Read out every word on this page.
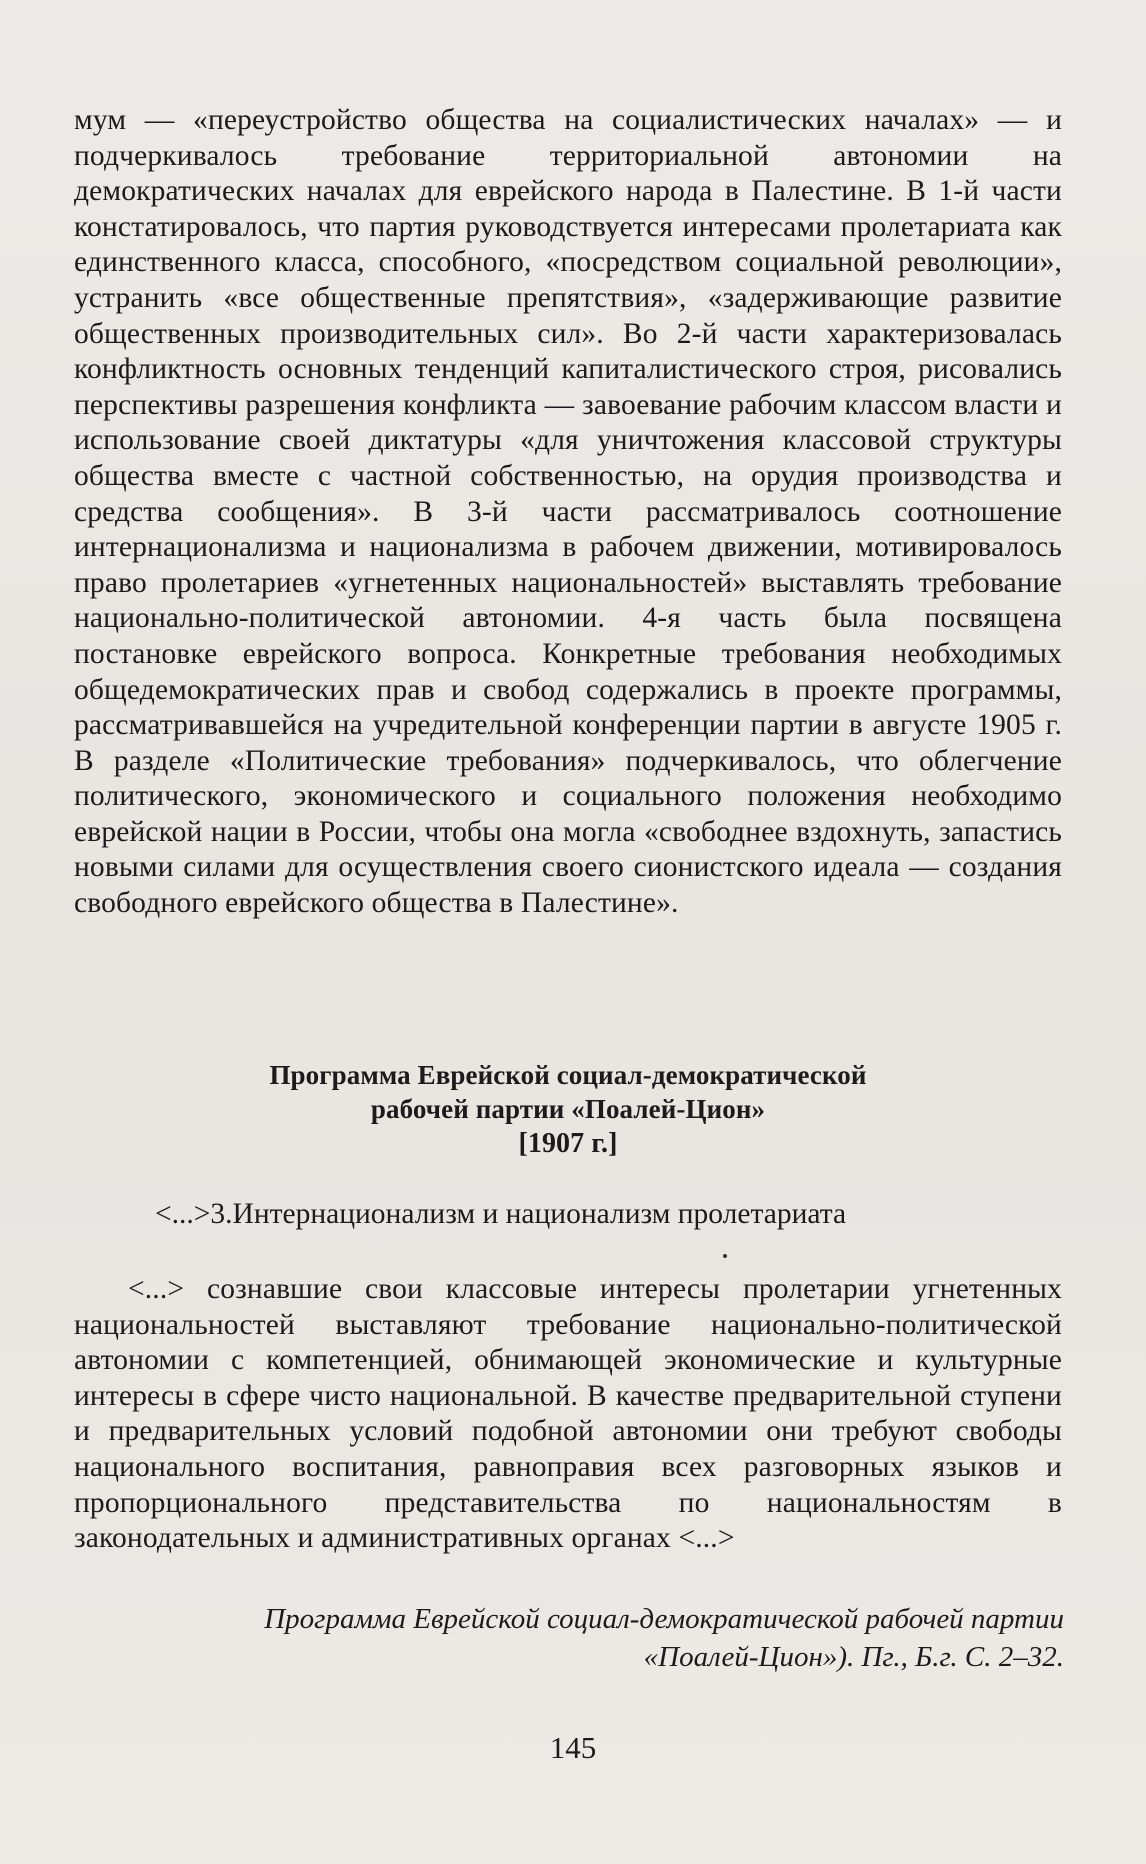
мум — «переустройство общества на социалистических началах» — и подчеркивалось требование территориальной автономии на демократических началах для еврейского народа в Палестине. В 1-й части констатировалось, что партия руководствуется интересами пролетариата как единственного класса, способного, «посредством социальной революции», устранить «все общественные препятствия», «задерживающие развитие общественных производительных сил». Во 2-й части характеризовалась конфликтность основных тенденций капиталистического строя, рисовались перспективы разрешения конфликта — завоевание рабочим классом власти и использование своей диктатуры «для уничтожения классовой структуры общества вместе с частной собственностью, на орудия производства и средства сообщения». В 3-й части рассматривалось соотношение интернационализма и национализма в рабочем движении, мотивировалось право пролетариев «угнетенных национальностей» выставлять требование национально-политической автономии. 4-я часть была посвящена постановке еврейского вопроса. Конкретные требования необходимых общедемократических прав и свобод содержались в проекте программы, рассматривавшейся на учредительной конференции партии в августе 1905 г. В разделе «Политические требования» подчеркивалось, что облегчение политического, экономического и социального положения необходимо еврейской нации в России, чтобы она могла «свободнее вздохнуть, запастись новыми силами для осуществления своего сионистского идеала — создания свободного еврейского общества в Палестине».

Программа Еврейской социал-демократической
рабочей партии «Поалей-Цион»
[1907 г.]
<...>3.Интернационализм и национализм пролетариата

<...> сознавшие свои классовые интересы пролетарии угнетенных национальностей выставляют требование национально-политической автономии с компетенцией, обнимающей экономические и культурные интересы в сфере чисто национальной. В качестве предварительной ступени и предварительных условий подобной автономии они требуют свободы национального воспитания, равноправия всех разговорных языков и пропорционального представительства по национальностям в законодательных и административных органах <...>

Программа Еврейской социал-демократической рабочей партии
«Поалей-Цион»). Пг., Б.г. С. 2–32.
145
